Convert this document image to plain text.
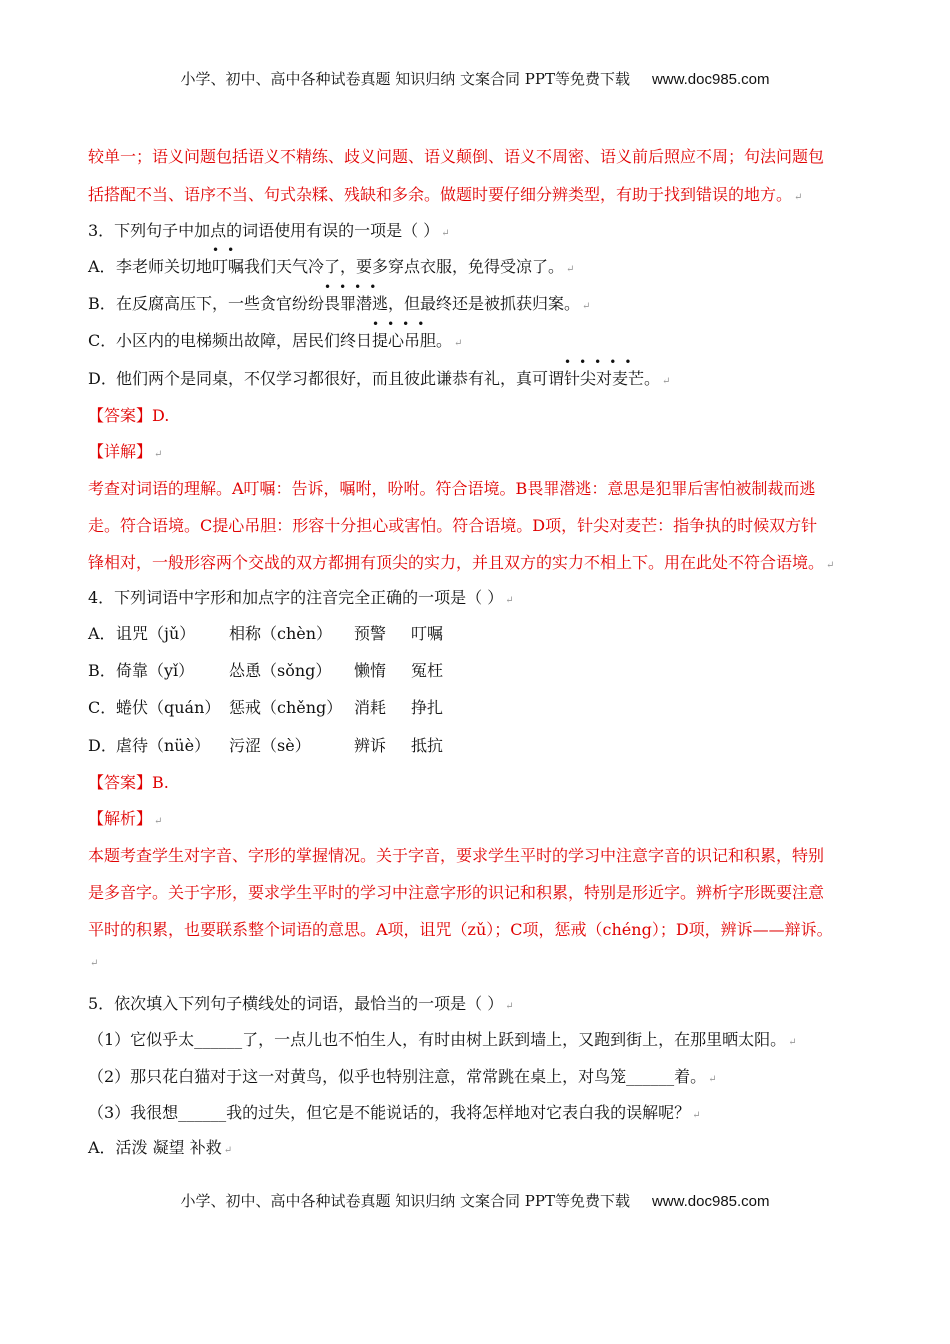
小学、初中、高中各种试卷真题 知识归纳 文案合同 PPT等免费下载 www.doc985.com
较单一；语义问题包括语义不精练、歧义问题、语义颠倒、语义不周密、语义前后照应不周；句法问题包
括搭配不当、语序不当、句式杂糅、残缺和多余。做题时要仔细分辨类型，有助于找到错误的地方。 ↵
3．下列句子中加点的词语使用有误的一项是（ ） ↵
A．李老师关切地•• 叮嘱我们天气冷了，要多穿点衣服，免得受凉了。 ↵
B．在反腐高压下，一些贪官纷纷•••• 畏罪潜逃，但最终还是被抓获归案。 ↵
C．小区内的电梯频出故障，居民们终日•••• 提心吊胆。 ↵
D．他们两个是同桌，不仅学习都很好，而且彼此谦恭有礼，真可谓••••• 针尖对麦芒。 ↵
【答案】D.
【详解】 ↵
考查对词语的理解。A叮嘱：告诉，嘱咐，吩咐。符合语境。B畏罪潜逃：意思是犯罪后害怕被制裁而逃
走。符合语境。C提心吊胆：形容十分担心或害怕。符合语境。D项，针尖对麦芒：指争执的时候双方针
锋相对，一般形容两个交战的双方都拥有顶尖的实力，并且双方的实力不相上下。用在此处不符合语境。 ↵
4．下列词语中字形和加点字的注音完全正确的一项是（ ） ↵
A． 诅咒（jǔ） 相称（chèn） 预警 叮嘱
B． 倚靠（yǐ） 怂恿（sǒng） 懒惰 冤枉
C． 蜷伏（quán） 惩戒（chěng） 消耗 挣扎
D． 虐待（nüè） 污涩（sè）	辨诉 抵抗
【答案】B.
【解析】 ↵
本题考查学生对字音、字形的掌握情况。关于字音，要求学生平时的学习中注意字音的识记和积累，特别
是多音字。关于字形，要求学生平时的学习中注意字形的识记和积累，特别是形近字。辨析字形既要注意
平时的积累，也要联系整个词语的意思。A项，诅咒（zǔ）；C项，惩戒（chéng）；D项，辨诉——辩诉。
↵
5．依次填入下列句子横线处的词语，最恰当的一项是（ ） ↵
（1）它似乎太______了，一点儿也不怕生人，有时由树上跃到墙上，又跑到街上，在那里晒太阳。 ↵
（2）那只花白猫对于这一对黄鸟，似乎也特别注意，常常跳在桌上，对鸟笼______着。 ↵
（3）我很想______我的过失，但它是不能说话的，我将怎样地对它表白我的误解呢？ ↵
A．活泼 凝望 补救 ↵
小学、初中、高中各种试卷真题 知识归纳 文案合同 PPT等免费下载 www.doc985.com
